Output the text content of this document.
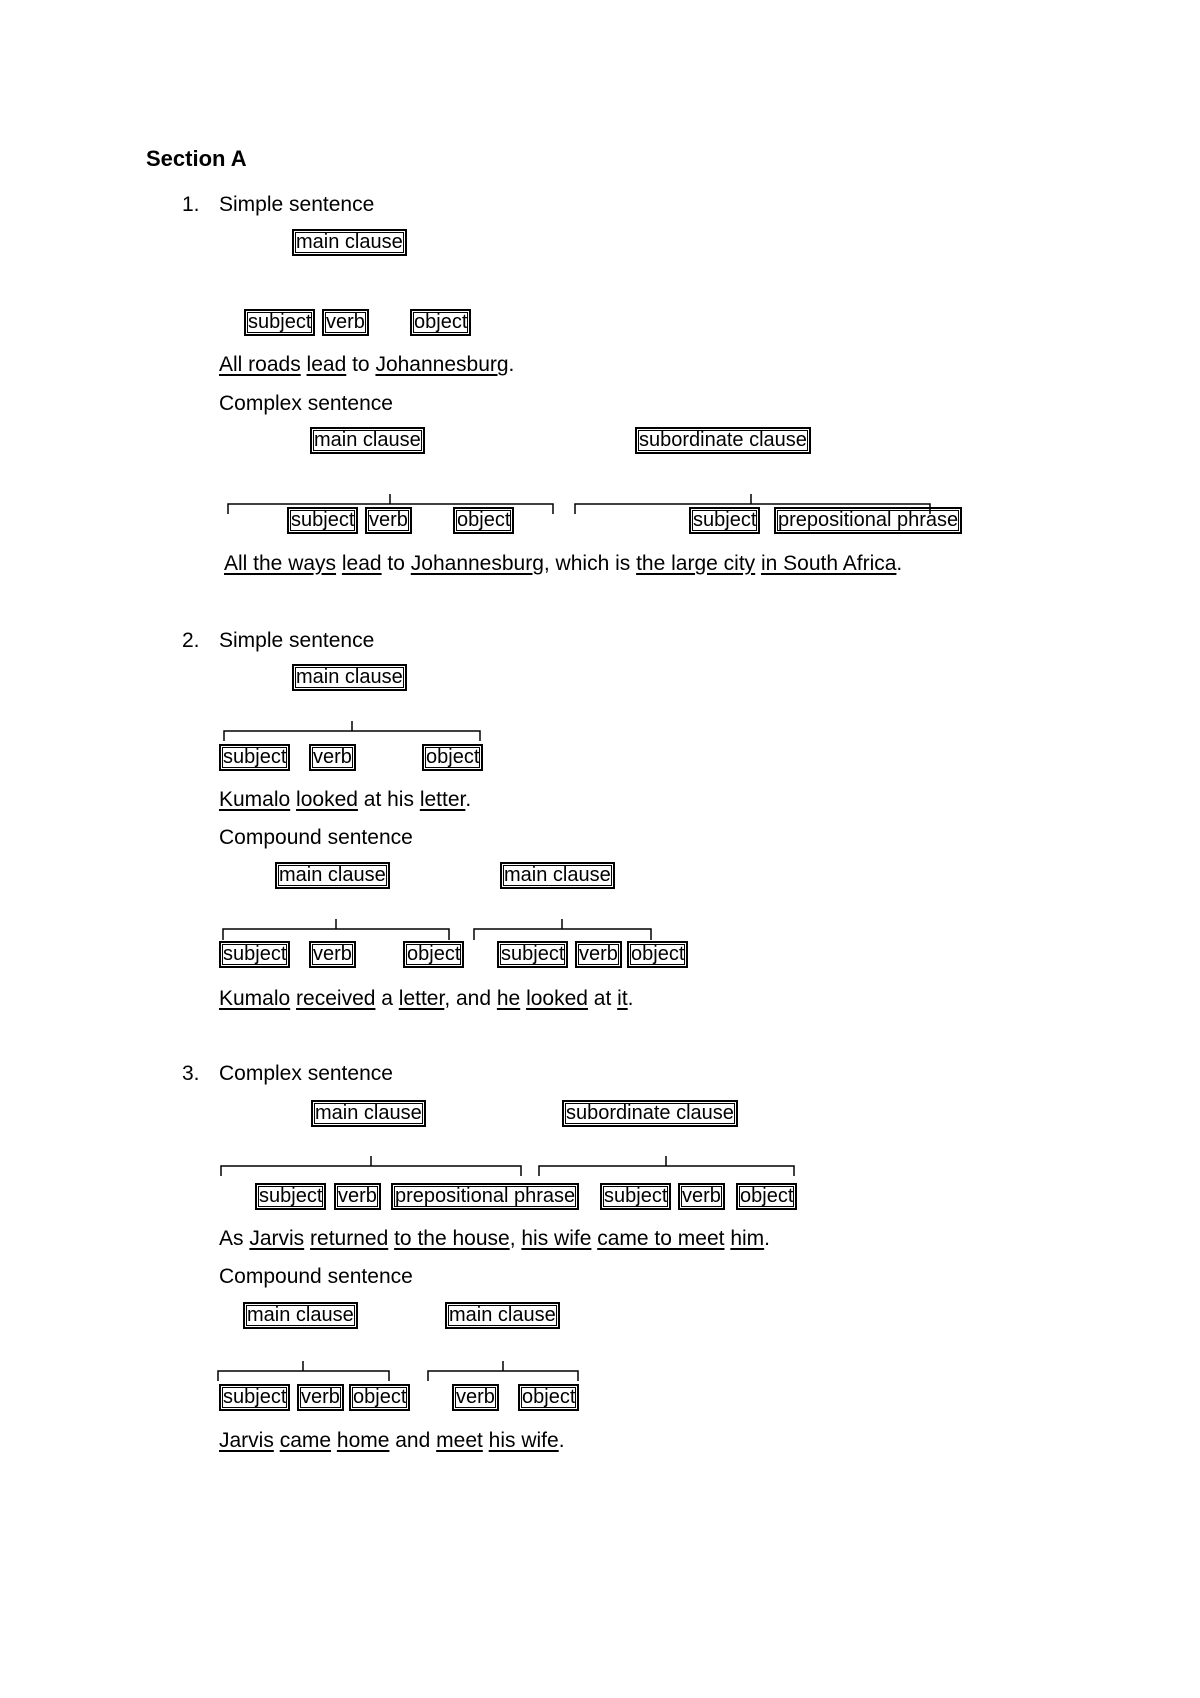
Section A
1. Simple sentence
Complex sentence
2. Simple sentence
Compound sentence
3. Complex sentence
Compound sentence
All roads lead to Johannesburg.
All the ways lead to Johannesburg, which is the large city in South Africa.
Kumalo looked at his letter.
Kumalo received a letter, and he looked at it.
As Jarvis returned to the house, his wife came to meet him.
Jarvis came home and meet his wife.
main clause
subject verb object
main clause	subordinate clause
subject verb object	subject prepositional phrase
main clause
subject verb	object
main clause	main clause
subject verb	object subject verb object
main clause	subordinate clause
subject verb prepositional phrase subject verb object
main clause	main clause
subject verb object verb object
